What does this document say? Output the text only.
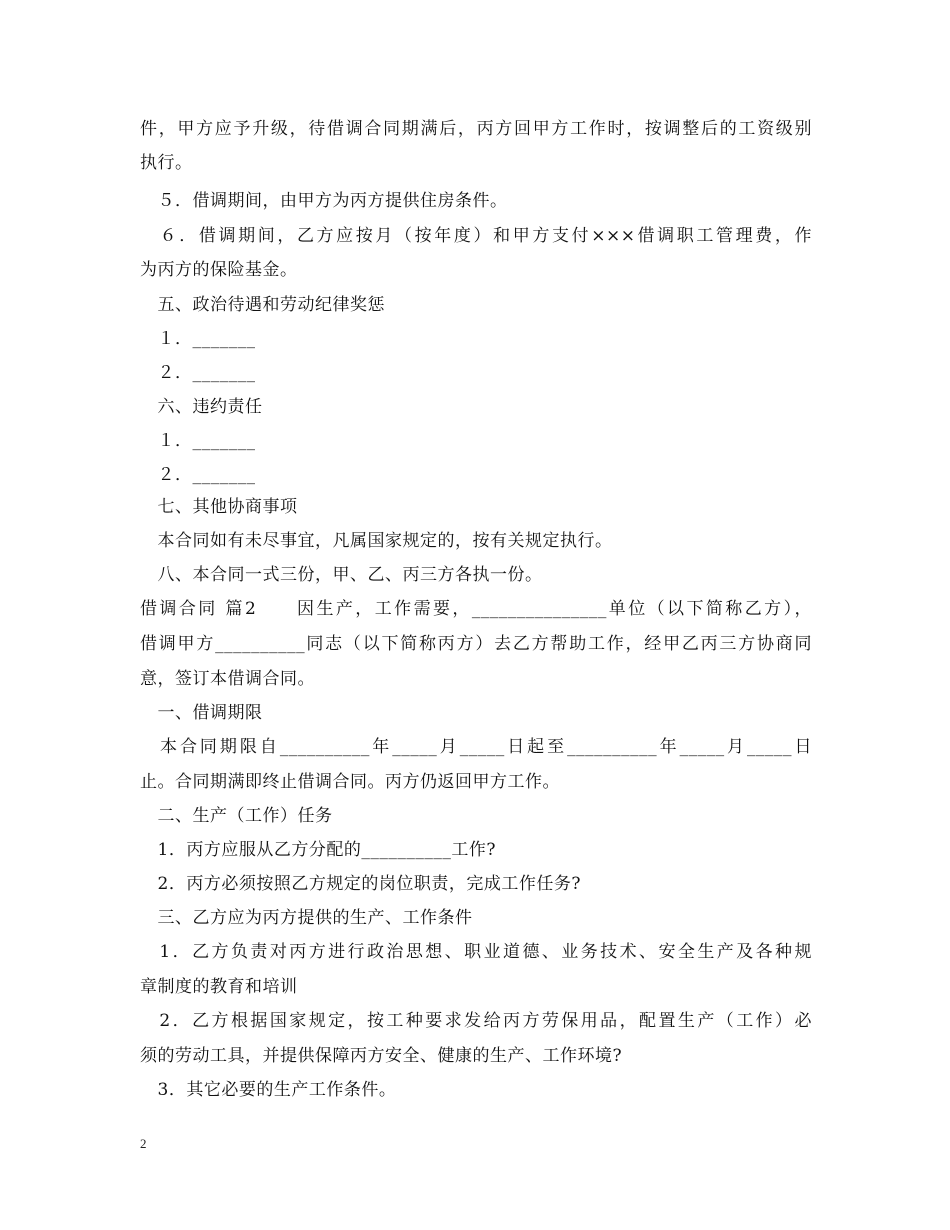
件，甲方应予升级，待借调合同期满后，丙方回甲方工作时，按调整后的工资级别
执行。
　５．借调期间，由甲方为丙方提供住房条件。
　６．借调期间，乙方应按月（按年度）和甲方支付×××借调职工管理费，作
为丙方的保险基金。
　五、政治待遇和劳动纪律奖惩
　１．_______
　２．_______
　六、违约责任
　１．_______
　２．_______
　七、其他协商事项
　本合同如有未尽事宜，凡属国家规定的，按有关规定执行。
　八、本合同一式三份，甲、乙、丙三方各执一份。
借调合同 篇2　　因生产，工作需要，_______________单位（以下简称乙方），
借调甲方__________同志（以下简称丙方）去乙方帮助工作，经甲乙丙三方协商同
意，签订本借调合同。
　一、借调期限
　本合同期限自__________年_____月_____日起至__________年_____月_____日
止。合同期满即终止借调合同。丙方仍返回甲方工作。
　二、生产（工作）任务
　1．丙方应服从乙方分配的__________工作?
　2．丙方必须按照乙方规定的岗位职责，完成工作任务?
　三、乙方应为丙方提供的生产、工作条件
　1．乙方负责对丙方进行政治思想、职业道德、业务技术、安全生产及各种规
章制度的教育和培训
　2．乙方根据国家规定，按工种要求发给丙方劳保用品，配置生产（工作）必
须的劳动工具，并提供保障丙方安全、健康的生产、工作环境?
　3．其它必要的生产工作条件。
2
